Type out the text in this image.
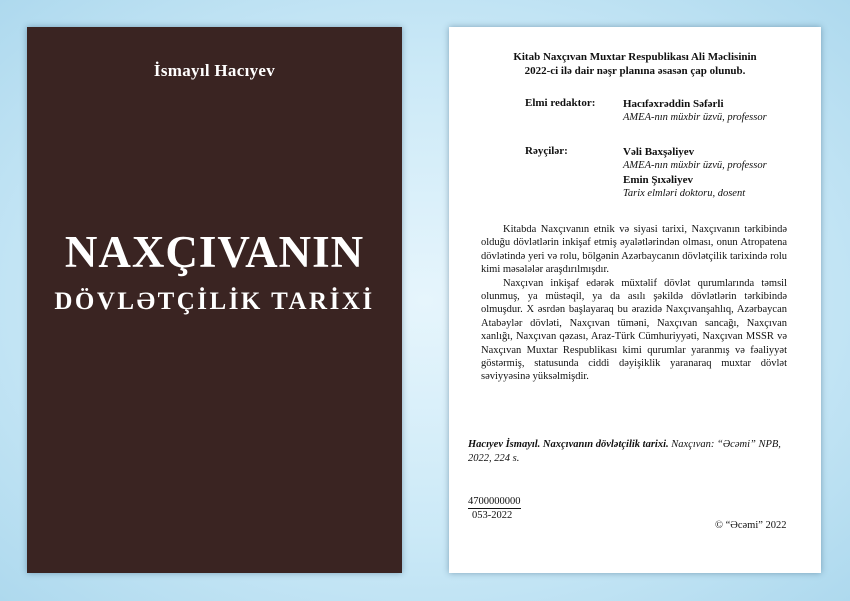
İsmayıl Hacıyev
NAXÇIVANIN
DÖVLƏTÇİLİK TARİXİ
Kitab Naxçıvan Muxtar Respublikası Ali Məclisinin
2022-ci ilə dair nəşr planına əsasən çap olunub.
Elmi redaktor:	Hacıfəxrəddin Səfərli
AMEA-nın müxbir üzvü, professor
Rəyçilər:	Vəli Baxşəliyev
AMEA-nın müxbir üzvü, professor
Emin Şıxəliyev
Tarix elmləri doktoru, dosent

Kitabda Naxçıvanın etnik və siyasi tarixi, Naxçıvanın tərkibində olduğu dövlətlərin inkişaf etmiş əyalətlərindən olması, onun Atropatena dövlətində yeri və rolu, bölgənin Azərbaycanın dövlətçilik tarixində rolu kimi məsələlər araşdırılmışdır.

Naxçıvan inkişaf edərək müxtəlif dövlət qurumlarında təmsil olunmuş, ya müstəqil, ya da asılı şəkildə dövlətlərin tərkibində olmuşdur. X əsrdən başlayaraq bu ərazidə Naxçıvanşahlıq, Azərbaycan Atabəylər dövləti, Naxçıvan tüməni, Naxçıvan sancağı, Naxçıvan xanlığı, Naxçıvan qəzası, Araz-Türk Cümhuriyyəti, Naxçıvan MSSR və Naxçıvan Muxtar Respublikası kimi qurumlar yaranmış və fəaliyyət göstərmiş, statusunda ciddi dəyişiklik yaranaraq muxtar dövlət səviyyəsinə yüksəlmişdir.

Hacıyev İsmayıl. Naxçıvanın dövlətçilik tarixi. Naxçıvan: “Əcəmi” NPB, 2022, 224 s.
4700000000
053-2022
© “Əcəmi” 2022
